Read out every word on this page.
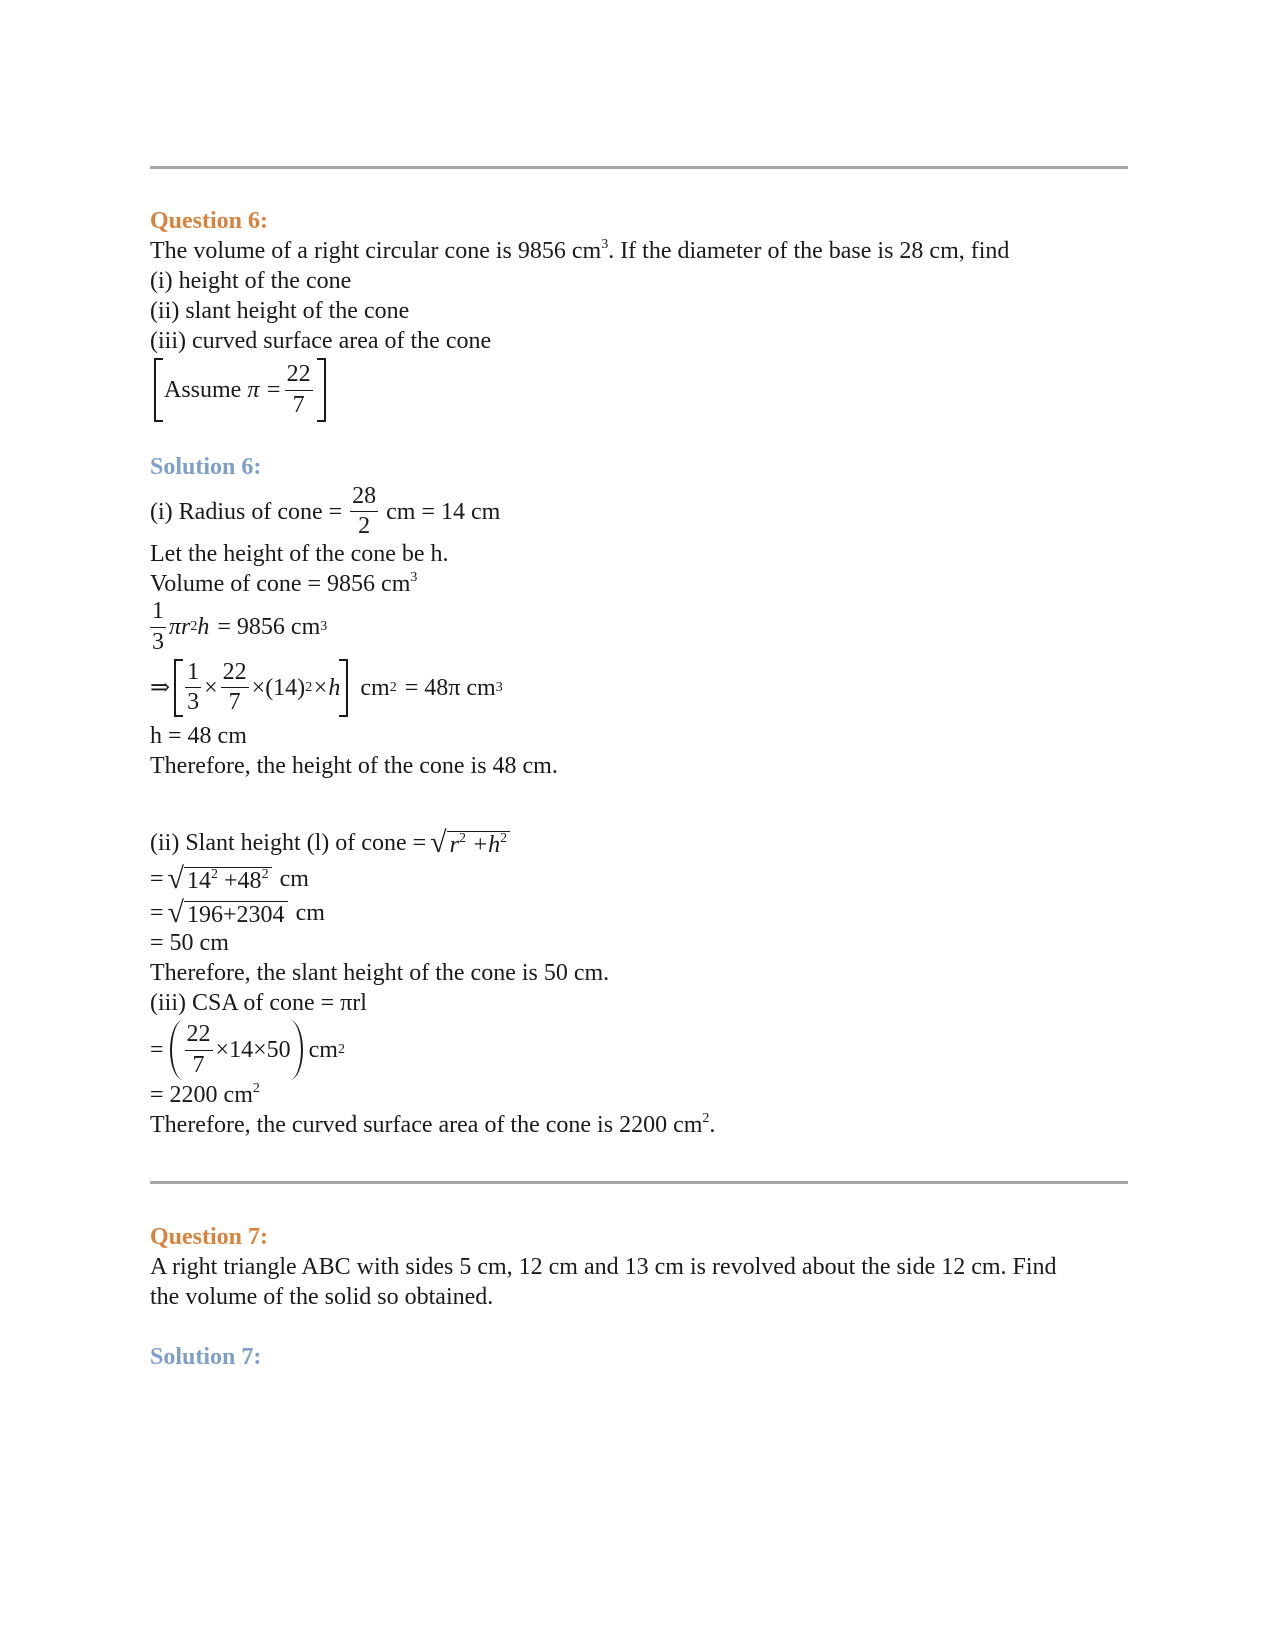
Question 6:
The volume of a right circular cone is 9856 $cm^3$. If the diameter of the base is 28 cm, find
(i) height of the cone
(ii) slant height of the cone
(iii) curved surface area of the cone
Assume $\pi = \frac{22}{7}$
Solution 6:
(i) Radius of cone = $\frac{28}{2}$ cm = 14 cm
Let the height of the cone be h.
Volume of cone = 9856 $cm^3$
$\frac{1}{3}$ πr 2 h = 9856 cm 3
⇒ $\frac{1}{3} \times \frac{22}{7} \times(14)$ 2 ×h cm 2 = 48π cm 3
h = 48 cm
Therefore, the height of the cone is 48 cm.
(ii) Slant height (l) of cone = √ $r^2 +h^2$
= √ $14^2 +48^2$ cm
= √ 196+2304 cm
= 50 cm
Therefore, the slant height of the cone is 50 cm.
(iii) CSA of cone = πrl
= $\frac{22}{7} \times 14\times 50$ cm 2
= 2200 $cm^2$
Therefore, the curved surface area of the cone is 2200 $cm^2$.
Question 7:
A right triangle ABC with sides 5 cm, 12 cm and 13 cm is revolved about the side 12 cm. Find
the volume of the solid so obtained.
Solution 7:
